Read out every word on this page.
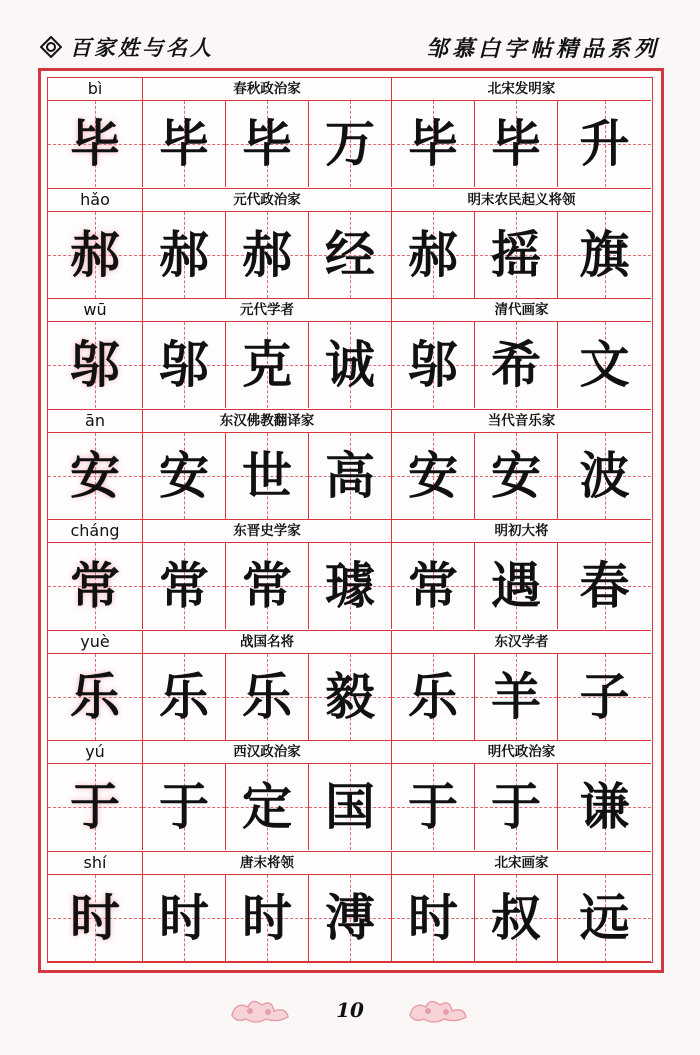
百家姓与名人	邹慕白字帖精品系列
bì	春秋政治家	北宋发明家
毕 毕 毕 万 毕 毕 升
hǎo	元代政治家	明末农民起义将领
郝 郝 郝 经 郝 摇 旗
wū	元代学者	清代画家
邬 邬 克 诚 邬 希 文
ān	东汉佛教翻译家	当代音乐家
安 安 世 高 安 安 波
cháng	东晋史学家	明初大将
常 常 常 璩 常 遇 春
yuè	战国名将	东汉学者
乐 乐 乐 毅 乐 羊 子
yú	西汉政治家	明代政治家
于 于 定 国 于 于 谦
shí	唐末将领	北宋画家
时 时 时 溥 时 叔 远
10
